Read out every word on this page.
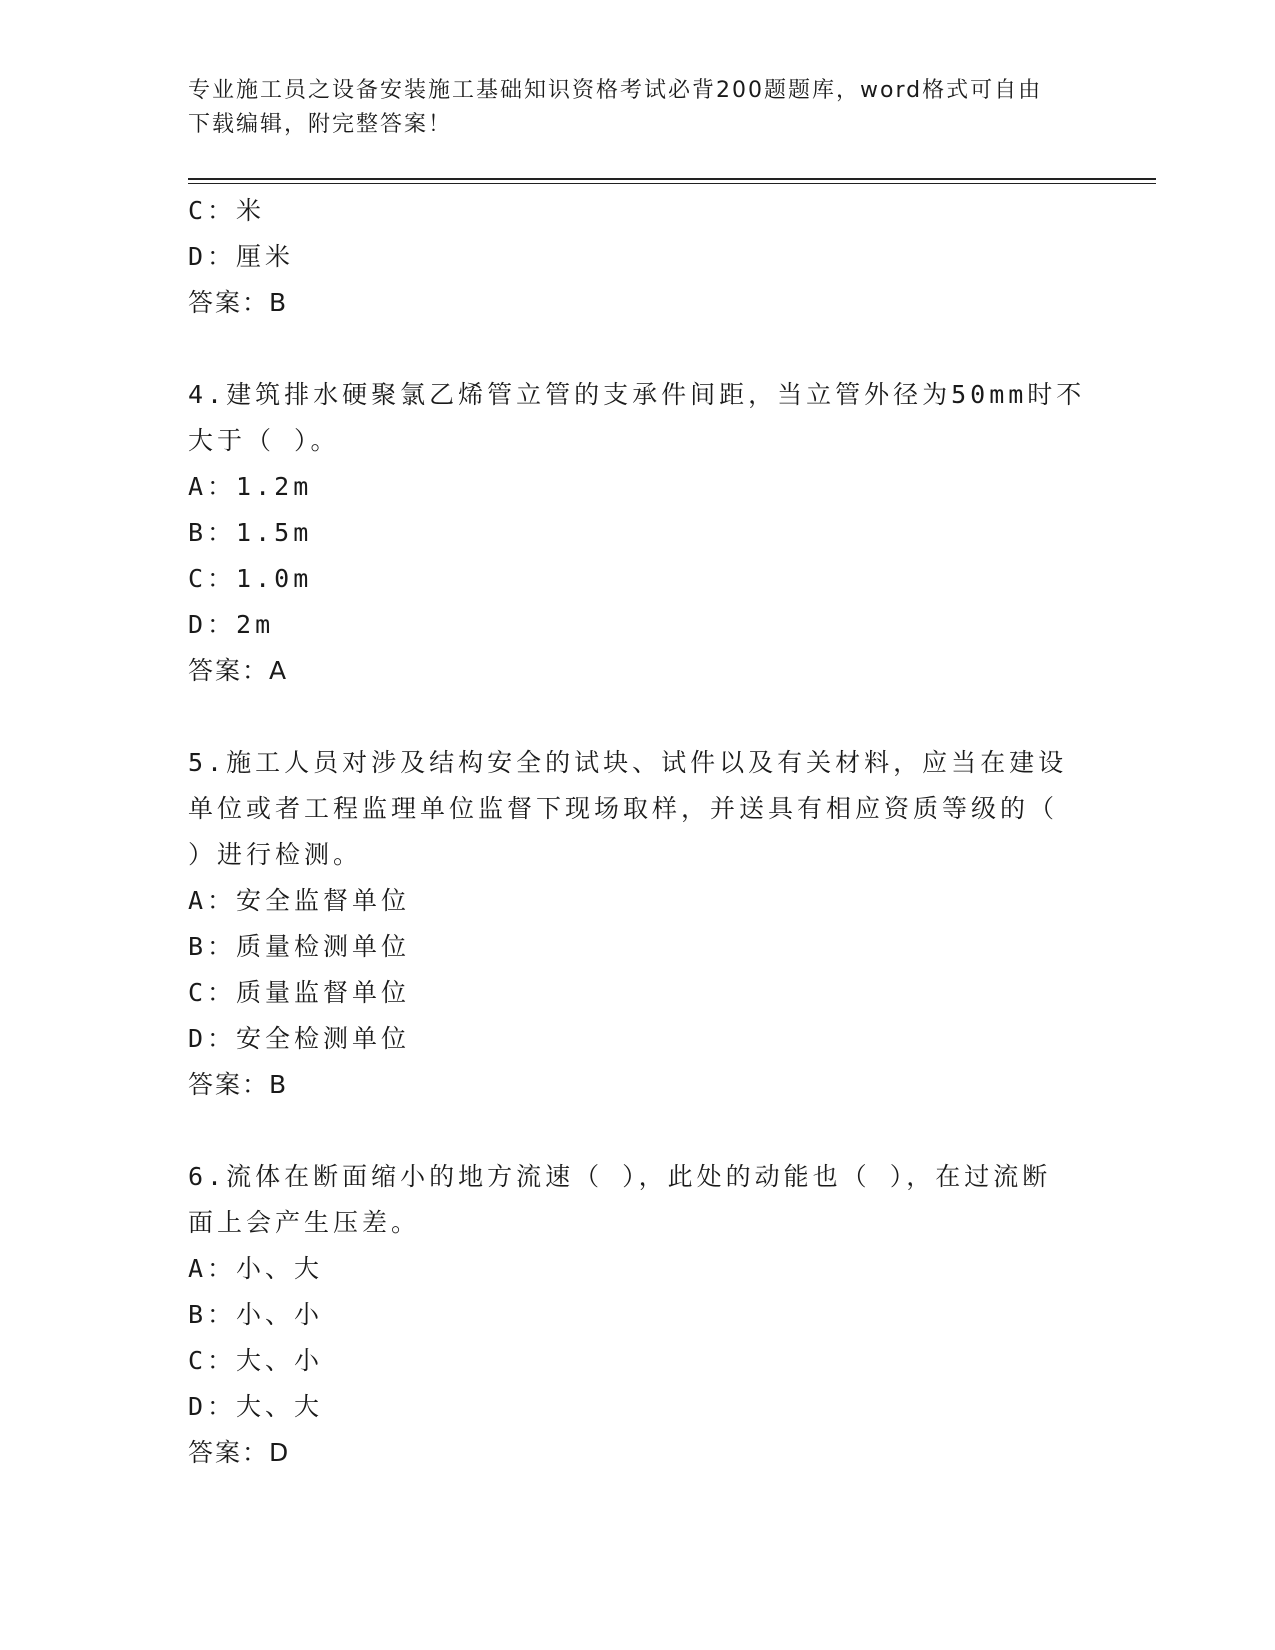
专业施工员之设备安装施工基础知识资格考试必背200题题库，word格式可自由
下载编辑，附完整答案！
C：米
D：厘米
答案：B
4.建筑排水硬聚氯乙烯管立管的支承件间距，当立管外径为50mm时不
大于（ ）。
A：1.2m
B：1.5m
C：1.0m
D：2m
答案：A
5.施工人员对涉及结构安全的试块、试件以及有关材料，应当在建设
单位或者工程监理单位监督下现场取样，并送具有相应资质等级的（
）进行检测。
A：安全监督单位
B：质量检测单位
C：质量监督单位
D：安全检测单位
答案：B
6.流体在断面缩小的地方流速（ ），此处的动能也（ ），在过流断
面上会产生压差。
A：小、大
B：小、小
C：大、小
D：大、大
答案：D
